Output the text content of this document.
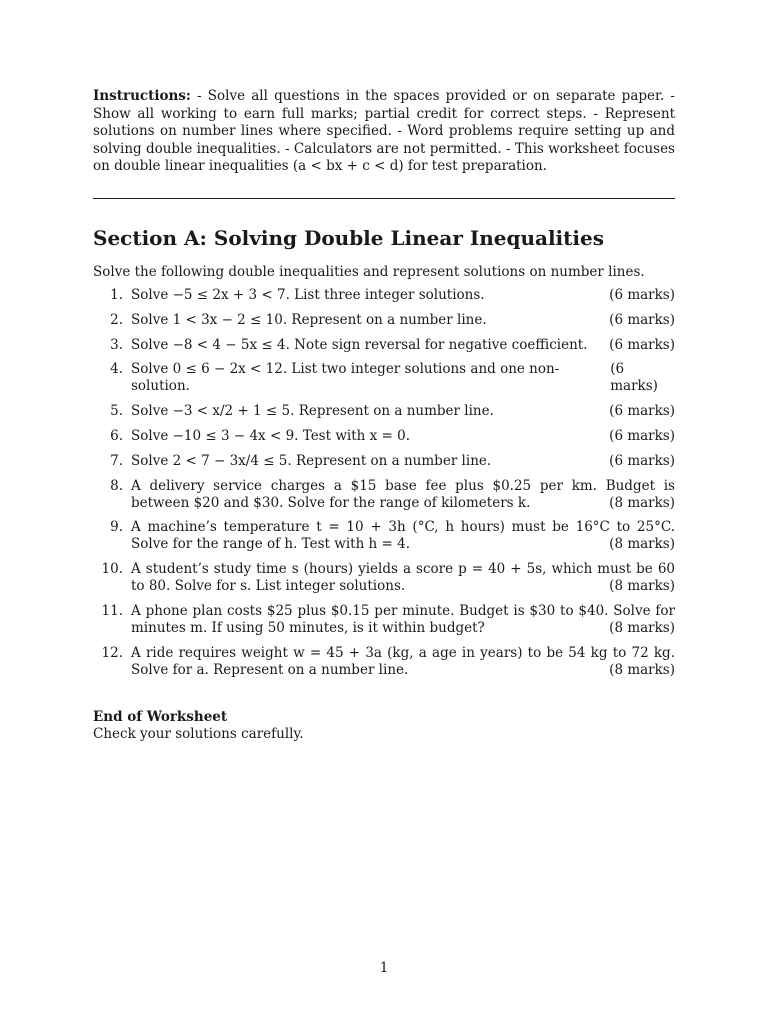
Instructions: - Solve all questions in the spaces provided or on separate paper. - Show all working to earn full marks; partial credit for correct steps. - Represent solutions on number lines where specified. - Word problems require setting up and solving double inequalities. - Calculators are not permitted. - This worksheet focuses on double linear inequalities (a < bx + c < d) for test preparation.

Section A: Solving Double Linear Inequalities

Solve the following double inequalities and represent solutions on number lines.

1. Solve −5 ≤ 2x + 3 < 7. List three integer solutions.	(6 marks)
2. Solve 1 < 3x − 2 ≤ 10. Represent on a number line.	(6 marks)
3. Solve −8 < 4 − 5x ≤ 4. Note sign reversal for negative coefficient. (6 marks)
4. Solve 0 ≤ 6 − 2x < 12. List two integer solutions and one non-solution.
(6 marks)
5. Solve −3 < x/2 + 1 ≤ 5. Represent on a number line.	(6 marks)
6. Solve −10 ≤ 3 − 4x < 9. Test with x = 0.	(6 marks)
7. Solve 2 < 7 − 3x/4 ≤ 5. Represent on a number line.	(6 marks)
8. A delivery service charges a $15 base fee plus $0.25 per km. Budget is between $20 and $30. Solve for the range of kilometers k.	(8 marks)
9. A machine’s temperature t = 10 + 3h (°C, h hours) must be 16°C to 25°C. Solve for the range of h. Test with h = 4.	(8 marks)
10. A student’s study time s (hours) yields a score p = 40 + 5s, which must be 60 to 80. Solve for s. List integer solutions.	(8 marks)
11. A phone plan costs $25 plus $0.15 per minute. Budget is $30 to $40. Solve for minutes m. If using 50 minutes, is it within budget?	(8 marks)
12. A ride requires weight w = 45 + 3a (kg, a age in years) to be 54 kg to 72 kg. Solve for a. Represent on a number line.	(8 marks)

End of Worksheet

Check your solutions carefully.

1
